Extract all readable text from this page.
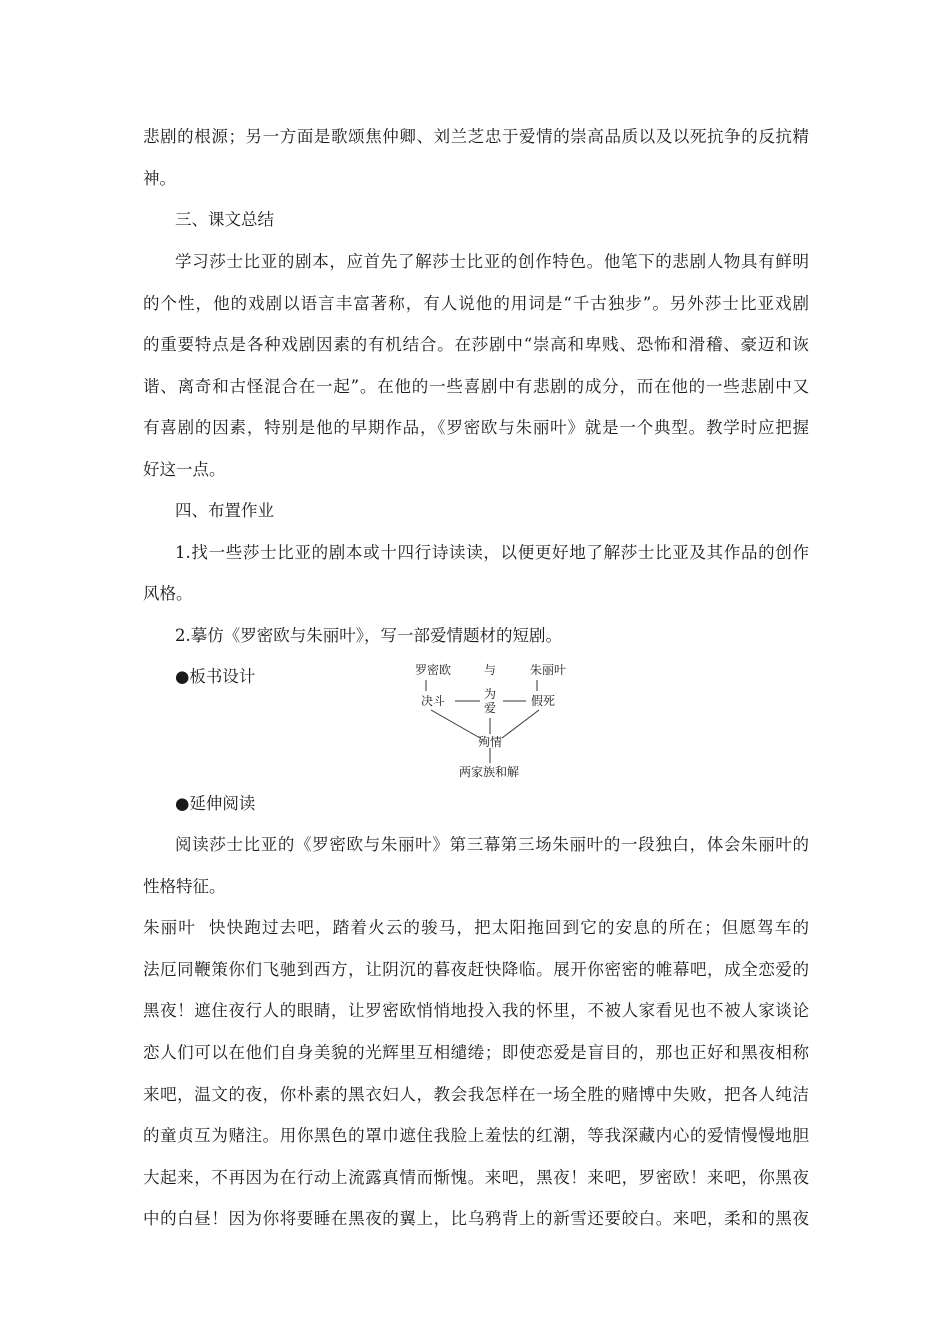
悲剧的根源；另一方面是歌颂焦仲卿、刘兰芝忠于爱情的崇高品质以及以死抗争的反抗精
神。
三、课文总结
学习莎士比亚的剧本，应首先了解莎士比亚的创作特色。他笔下的悲剧人物具有鲜明
的个性，他的戏剧以语言丰富著称，有人说他的用词是“千古独步”。另外莎士比亚戏剧
的重要特点是各种戏剧因素的有机结合。在莎剧中“崇高和卑贱、恐怖和滑稽、豪迈和诙
谐、离奇和古怪混合在一起”。在他的一些喜剧中有悲剧的成分，而在他的一些悲剧中又
有喜剧的因素，特别是他的早期作品，《罗密欧与朱丽叶》就是一个典型。教学时应把握
好这一点。
四、布置作业
1.找一些莎士比亚的剧本或十四行诗读读，以便更好地了解莎士比亚及其作品的创作
风格。
2.摹仿《罗密欧与朱丽叶》，写一部爱情题材的短剧。
●板书设计	罗密欧	与	朱丽叶
决斗	为
爱	假死
殉情
两家族和解
●延伸阅读
阅读莎士比亚的《罗密欧与朱丽叶》第三幕第三场朱丽叶的一段独白，体会朱丽叶的
性格特征。
朱丽叶  快快跑过去吧，踏着火云的骏马，把太阳拖回到它的安息的所在；但愿驾车的
法厄同鞭策你们飞驰到西方，让阴沉的暮夜赶快降临。展开你密密的帷幕吧，成全恋爱的
黑夜！遮住夜行人的眼睛，让罗密欧悄悄地投入我的怀里，不被人家看见也不被人家谈论
恋人们可以在他们自身美貌的光辉里互相缱绻；即使恋爱是盲目的，那也正好和黑夜相称
来吧，温文的夜，你朴素的黑衣妇人，教会我怎样在一场全胜的赌博中失败，把各人纯洁
的童贞互为赌注。用你黑色的罩巾遮住我脸上羞怯的红潮，等我深藏内心的爱情慢慢地胆
大起来，不再因为在行动上流露真情而惭愧。来吧，黑夜！来吧，罗密欧！来吧，你黑夜
中的白昼！因为你将要睡在黑夜的翼上，比乌鸦背上的新雪还要皎白。来吧，柔和的黑夜
